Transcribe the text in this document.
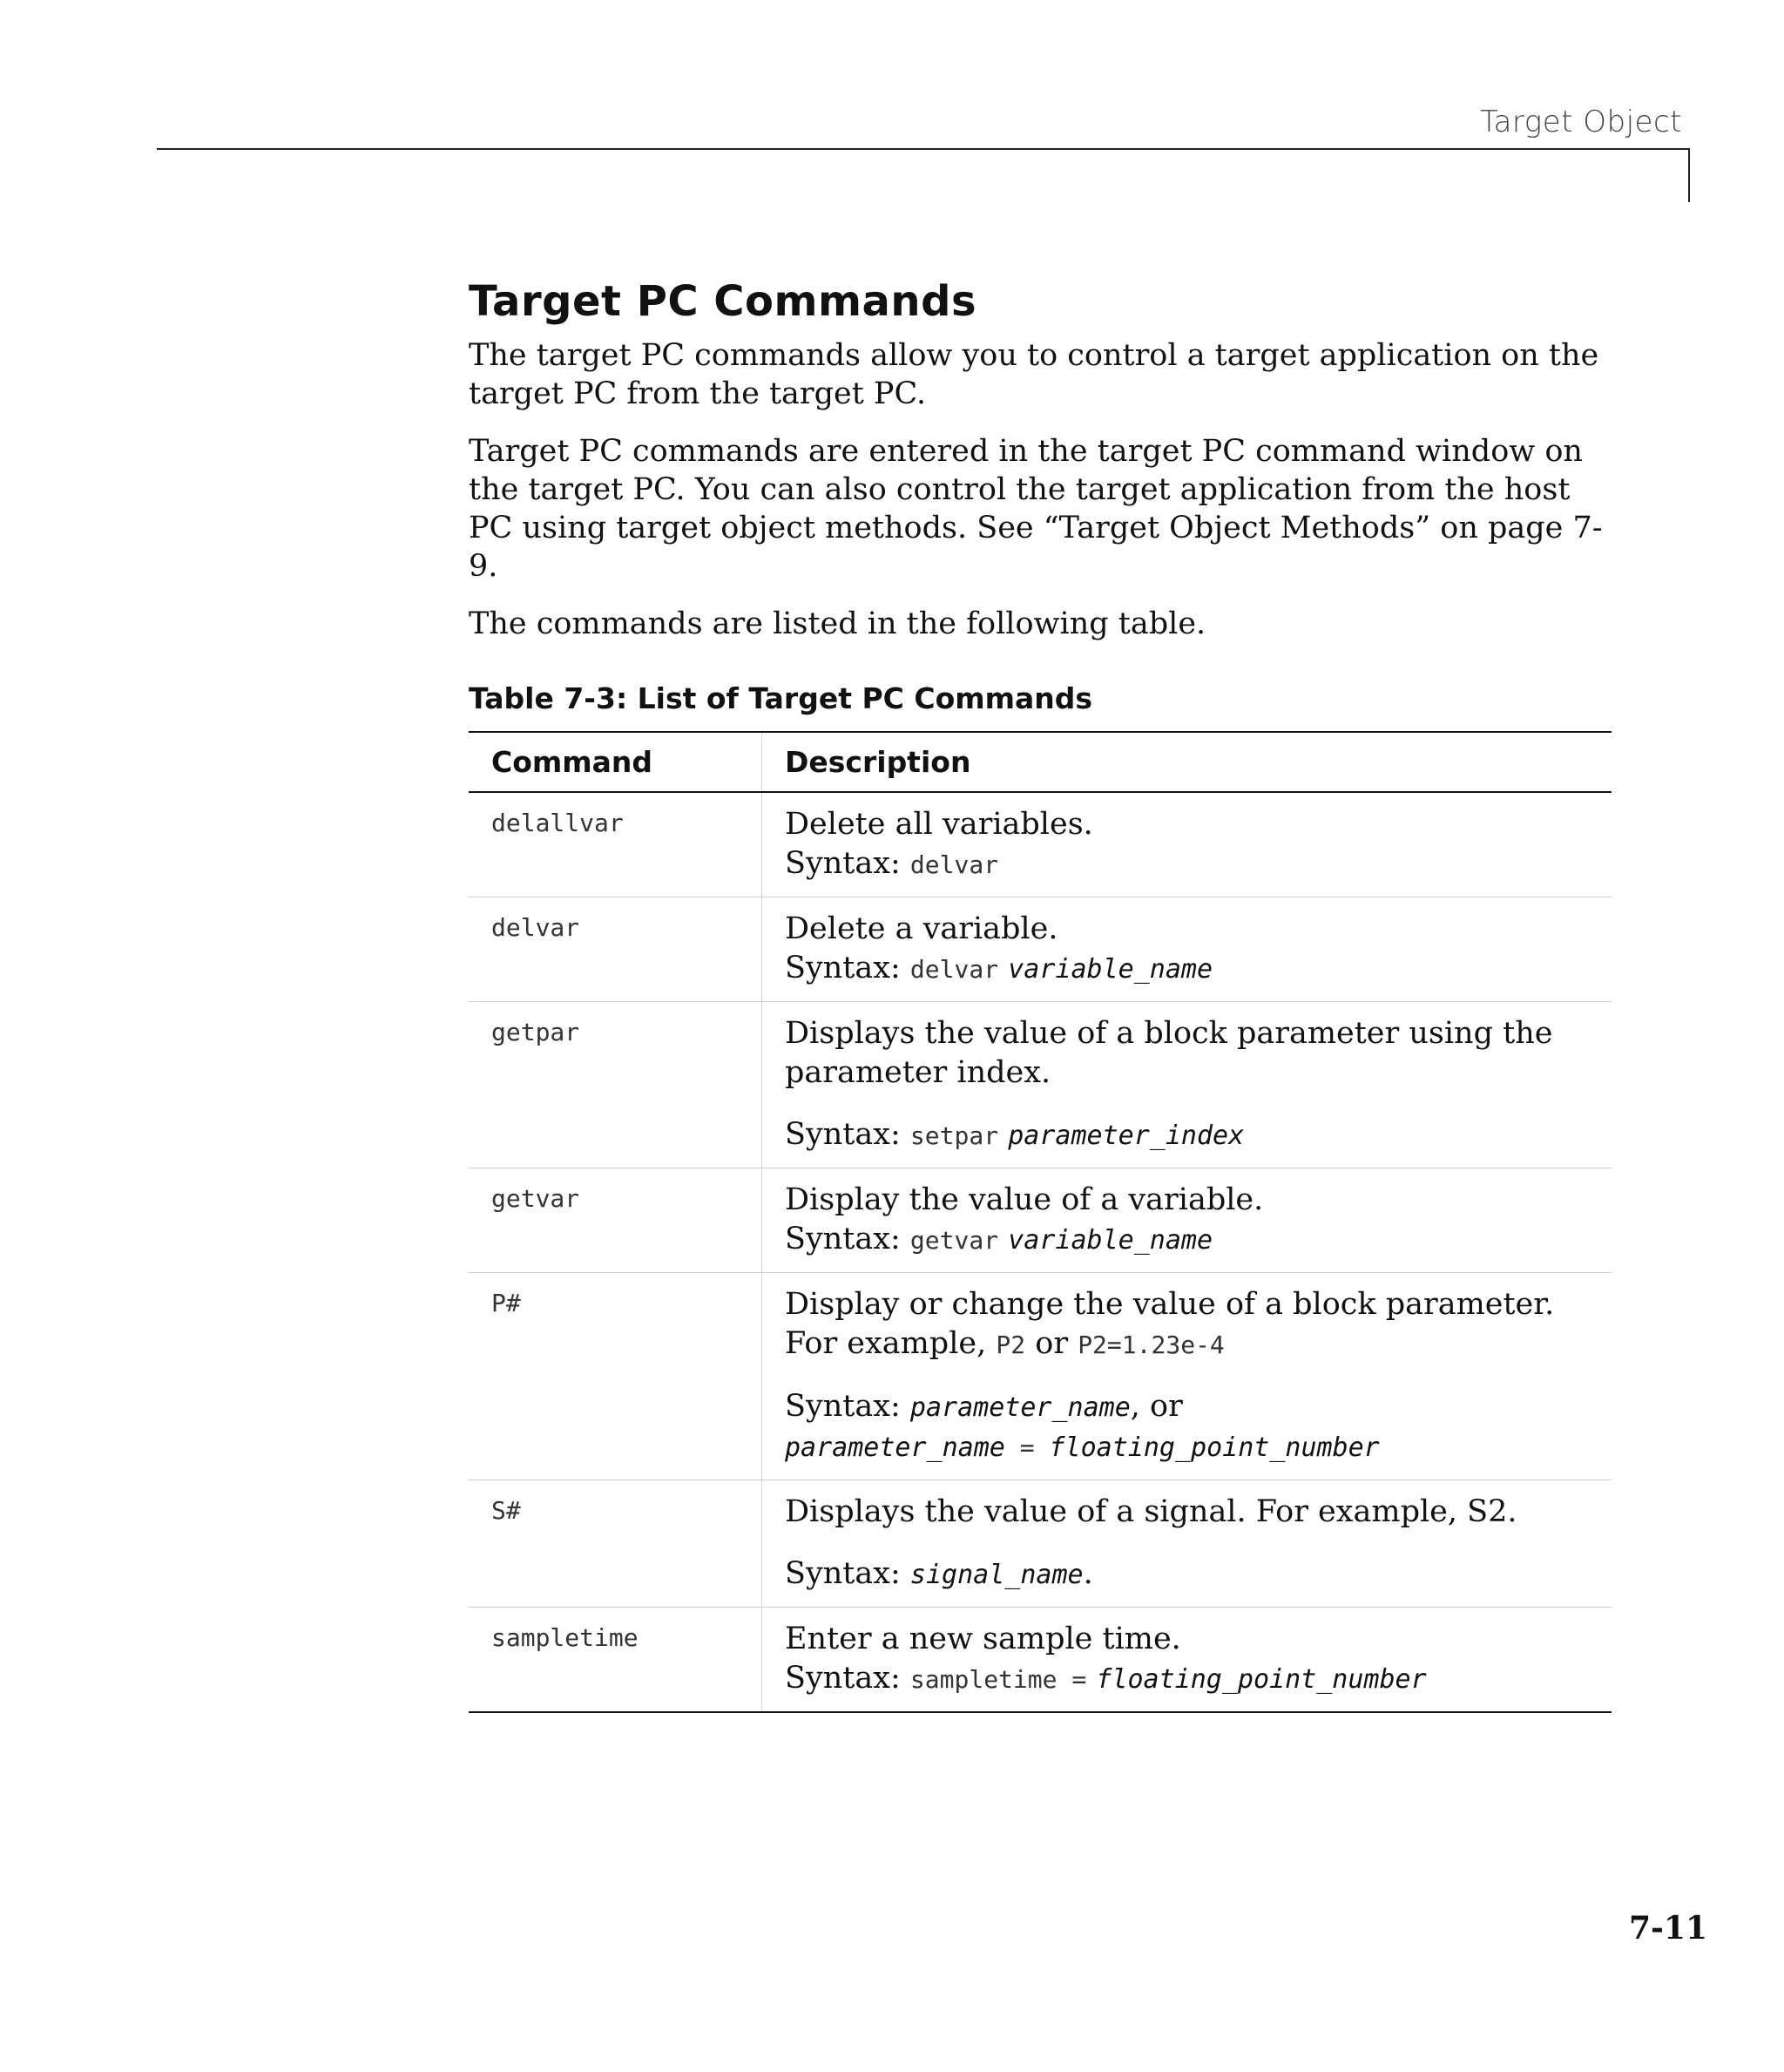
Target Object
Target PC Commands

The target PC commands allow you to control a target application on the target PC from the target PC.

Target PC commands are entered in the target PC command window on the target PC. You can also control the target application from the host PC using target object methods. See “Target Object Methods” on page 7-9.

The commands are listed in the following table.

Table 7-3: List of Target PC Commands
Command	Description

delallvar	Delete all variables.
Syntax: delvar

delvar	Delete a variable.
Syntax: delvar variable_name

getpar	Displays the value of a block parameter using the parameter index.
Syntax: setpar parameter_index

getvar	Display the value of a variable.
Syntax: getvar variable_name

P#	Display or change the value of a block parameter. For example, P2 or P2=1.23e-4
Syntax: parameter_name, or
parameter_name = floating_point_number

S#	Displays the value of a signal. For example, S2.
Syntax: signal_name.

sampletime	Enter a new sample time.
Syntax: sampletime = floating_point_number
7-11
